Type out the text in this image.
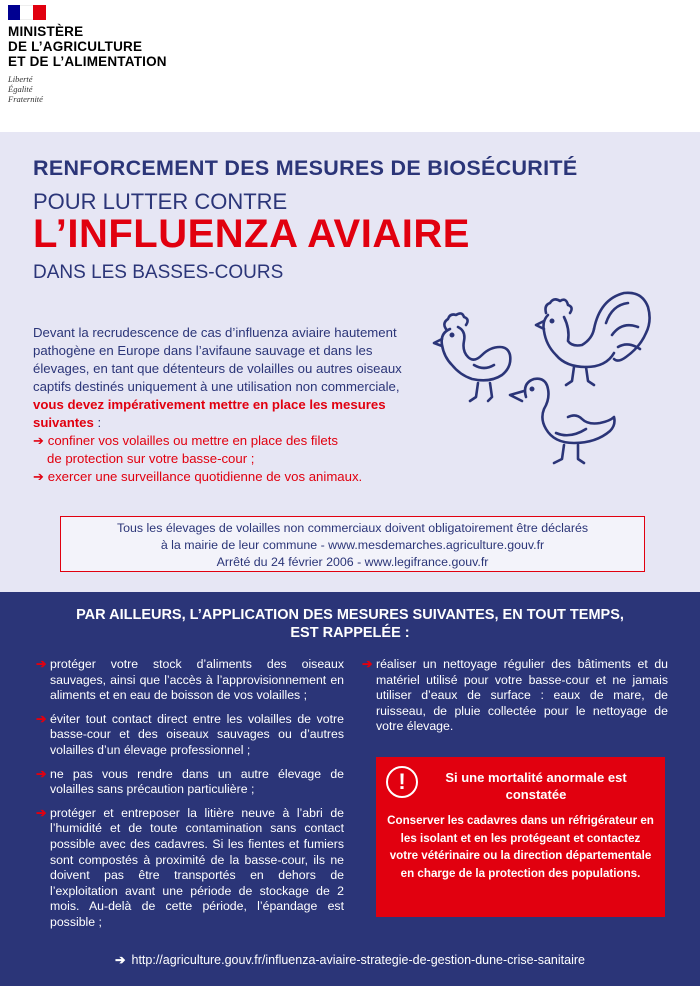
MINISTÈRE
DE L’AGRICULTURE
ET DE L’ALIMENTATION
Liberté
Égalité
Fraternité
RENFORCEMENT DES MESURES DE BIOSÉCURITÉ
POUR LUTTER CONTRE
L’INFLUENZA AVIAIRE
DANS LES BASSES-COURS
Devant la recrudescence de cas d’influenza aviaire hautement pathogène en Europe dans l’avifaune sauvage et dans les élevages, en tant que détenteurs de volailles ou autres oiseaux captifs destinés uniquement à une utilisation non commerciale, vous devez impérativement mettre en place les mesures suivantes :
➔ confiner vos volailles ou mettre en place des filets
de protection sur votre basse-cour ;
➔ exercer une surveillance quotidienne de vos animaux.
Tous les élevages de volailles non commerciaux doivent obligatoirement être déclarés
à la mairie de leur commune - www.mesdemarches.agriculture.gouv.fr
Arrêté du 24 février 2006 - www.legifrance.gouv.fr
PAR AILLEURS, L’APPLICATION DES MESURES SUIVANTES, EN TOUT TEMPS,
EST RAPPELÉE :
➔ protéger votre stock d’aliments des oiseaux sauvages, ainsi que l’accès à l’approvisionnement en aliments et en eau de boisson de vos volailles ;
➔ éviter tout contact direct entre les volailles de votre basse-cour et des oiseaux sauvages ou d’autres volailles d’un élevage professionnel ;
➔ ne pas vous rendre dans un autre élevage de volailles sans précaution particulière ;
➔ protéger et entreposer la litière neuve à l’abri de l’humidité et de toute contamination sans contact possible avec des cadavres. Si les fientes et fumiers sont compostés à proximité de la basse-cour, ils ne doivent pas être transportés en dehors de l’exploitation avant une période de stockage de 2 mois. Au-delà de cette période, l’épandage est possible ;
➔ réaliser un nettoyage régulier des bâtiments et du matériel utilisé pour votre basse-cour et ne jamais utiliser d’eaux de surface : eaux de mare, de ruisseau, de pluie collectée pour le nettoyage de votre élevage.
!	Si une mortalité anormale est constatée
Conserver les cadavres dans un réfrigérateur en les isolant et en les protégeant et contactez votre vétérinaire ou la direction départementale en charge de la protection des populations.
➔ http://agriculture.gouv.fr/influenza-aviaire-strategie-de-gestion-dune-crise-sanitaire
